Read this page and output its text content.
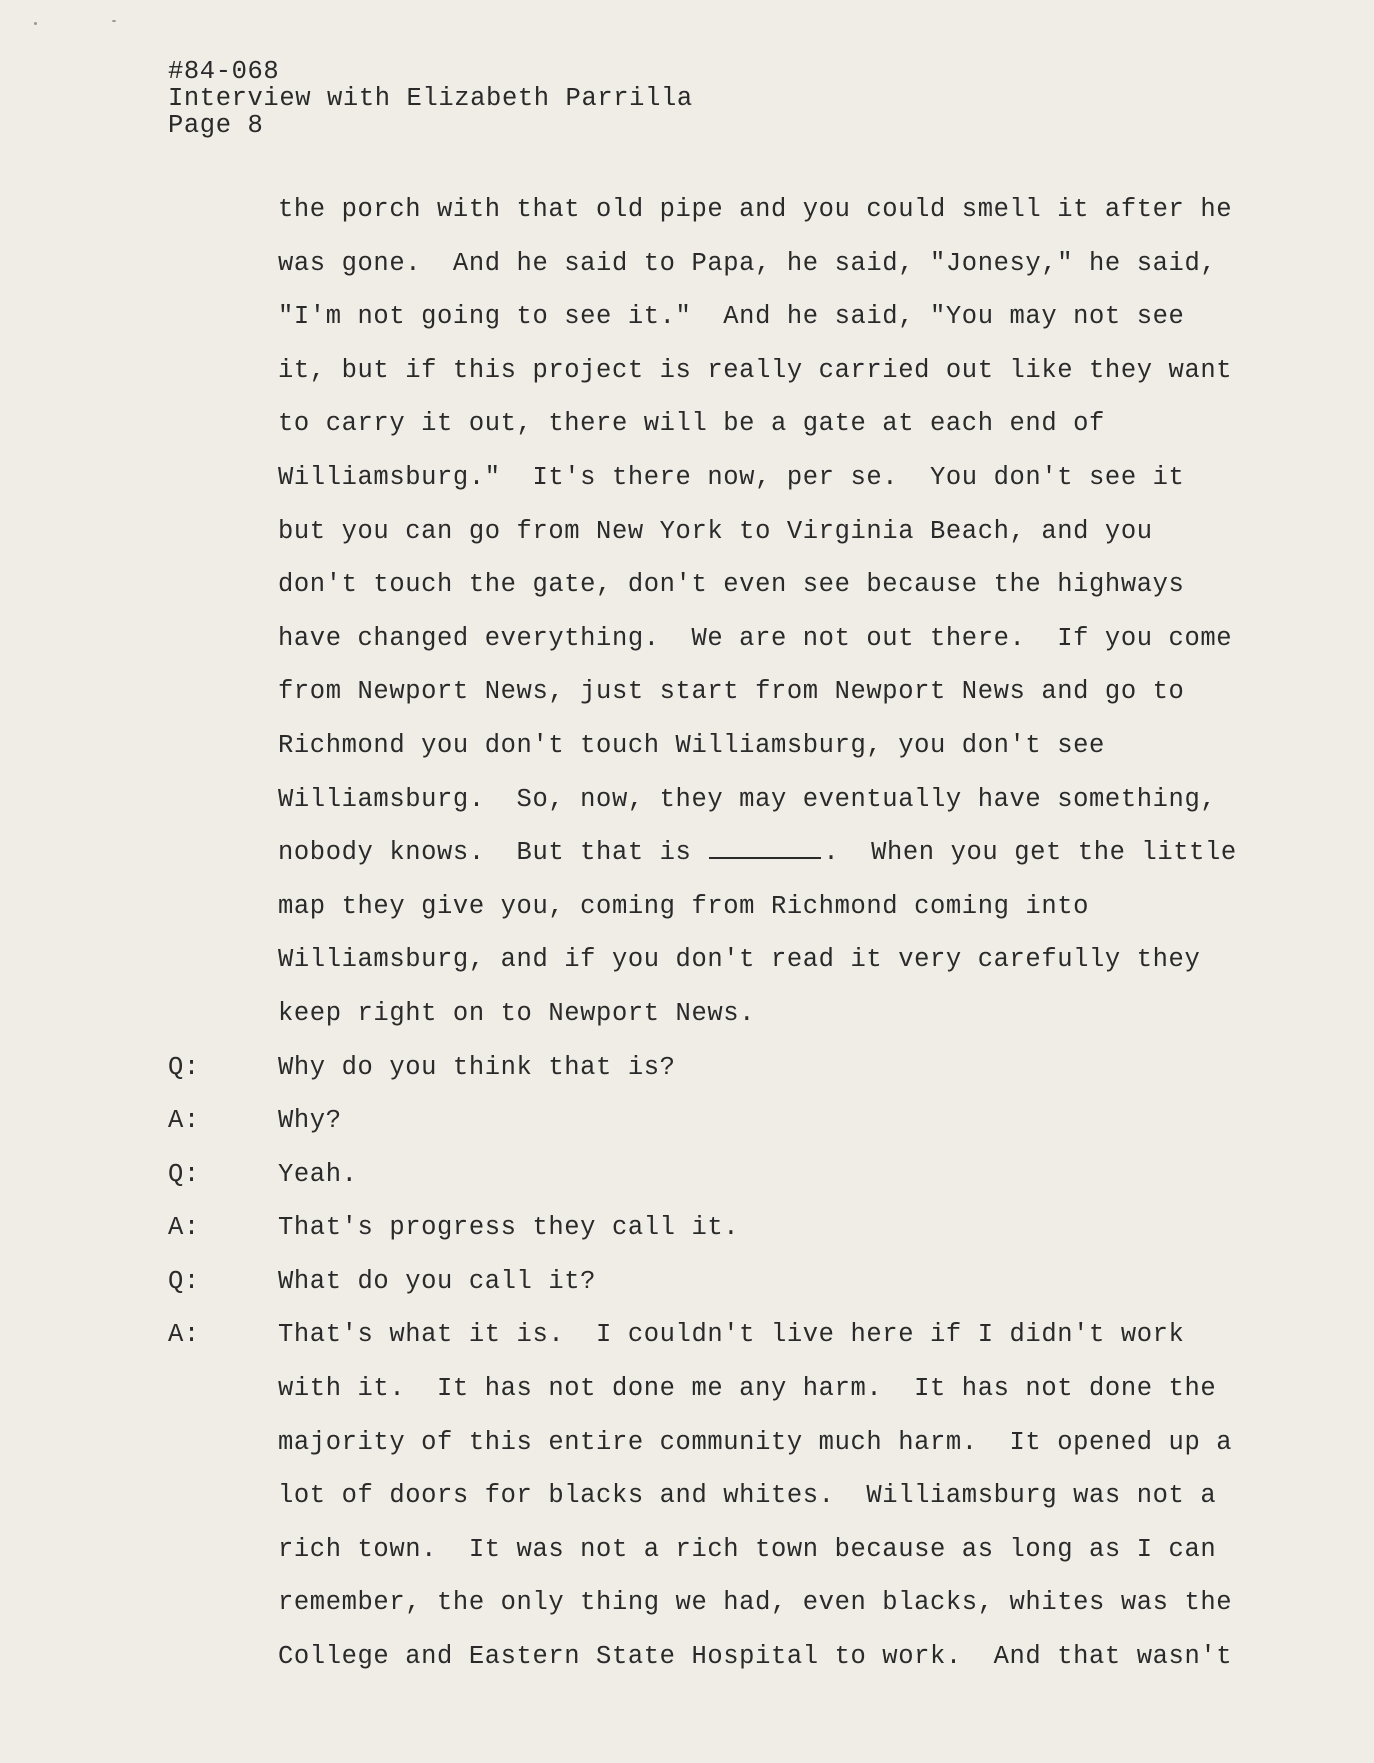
#84-068
Interview with Elizabeth Parrilla
Page 8
the porch with that old pipe and you could smell it after he
was gone.  And he said to Papa, he said, "Jonesy," he said,
"I'm not going to see it."  And he said, "You may not see
it, but if this project is really carried out like they want
to carry it out, there will be a gate at each end of
Williamsburg."  It's there now, per se.  You don't see it
but you can go from New York to Virginia Beach, and you
don't touch the gate, don't even see because the highways
have changed everything.  We are not out there.  If you come
from Newport News, just start from Newport News and go to
Richmond you don't touch Williamsburg, you don't see
Williamsburg.  So, now, they may eventually have something,
nobody knows.  But that is	.  When you get the little
map they give you, coming from Richmond coming into
Williamsburg, and if you don't read it very carefully they
keep right on to Newport News.
Q:	Why do you think that is?
A:	Why?
Q:	Yeah.
A:	That's progress they call it.
Q:	What do you call it?
A:	That's what it is.  I couldn't live here if I didn't work
with it.  It has not done me any harm.  It has not done the
majority of this entire community much harm.  It opened up a
lot of doors for blacks and whites.  Williamsburg was not a
rich town.  It was not a rich town because as long as I can
remember, the only thing we had, even blacks, whites was the
College and Eastern State Hospital to work.  And that wasn't
